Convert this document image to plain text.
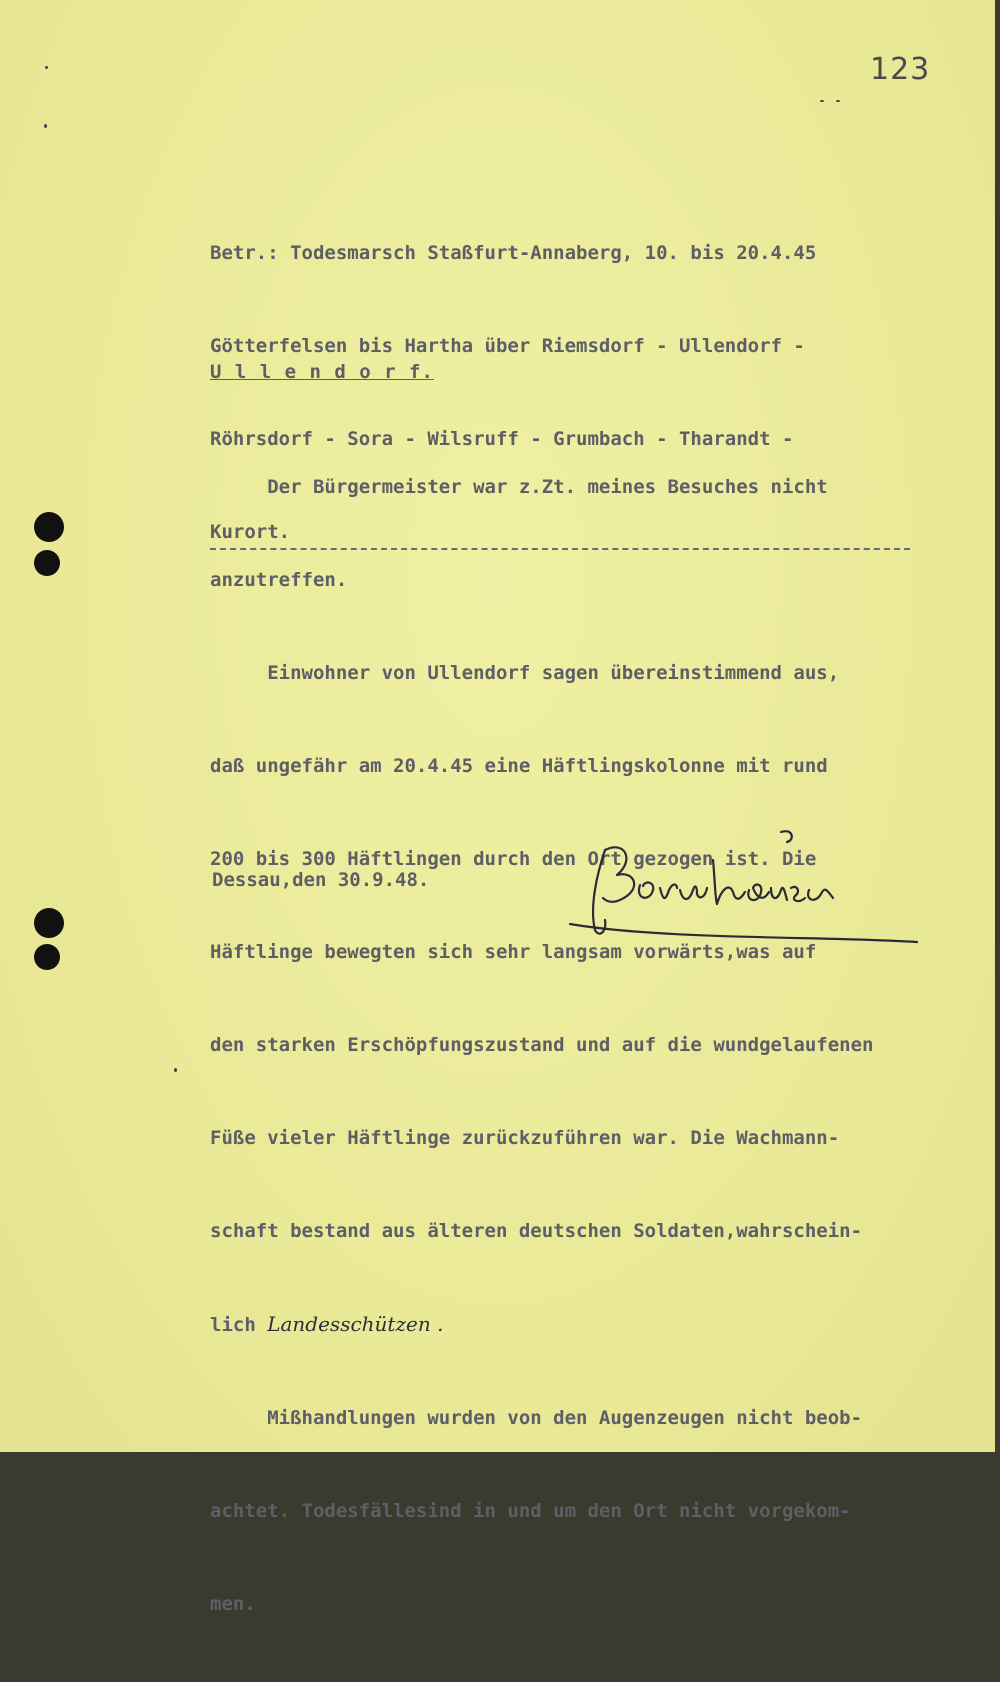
123

Betr.: Todesmarsch Staßfurt-Annaberg, 10. bis 20.4.45

Götterfelsen bis Hartha über Riemsdorf - Ullendorf -

Röhrsdorf - Sora - Wilsruff - Grumbach - Tharandt -

Kurort.

U l l e n d o r f.

Der Bürgermeister war z.Zt. meines Besuches nicht

anzutreffen.

Einwohner von Ullendorf sagen übereinstimmend aus,

daß ungefähr am 20.4.45 eine Häftlingskolonne mit rund

200 bis 300 Häftlingen durch den Ort gezogen ist. Die

Häftlinge bewegten sich sehr langsam vorwärts,was auf

den starken Erschöpfungszustand und auf die wundgelaufenen

Füße vieler Häftlinge zurückzuführen war. Die Wachmann-

schaft bestand aus älteren deutschen Soldaten,wahrschein-

lich Landesschützen .

Mißhandlungen wurden von den Augenzeugen nicht beob-

achtet. Todesfällesind in und um den Ort nicht vorgekom-

men.

Dessau,den 30.9.48.
